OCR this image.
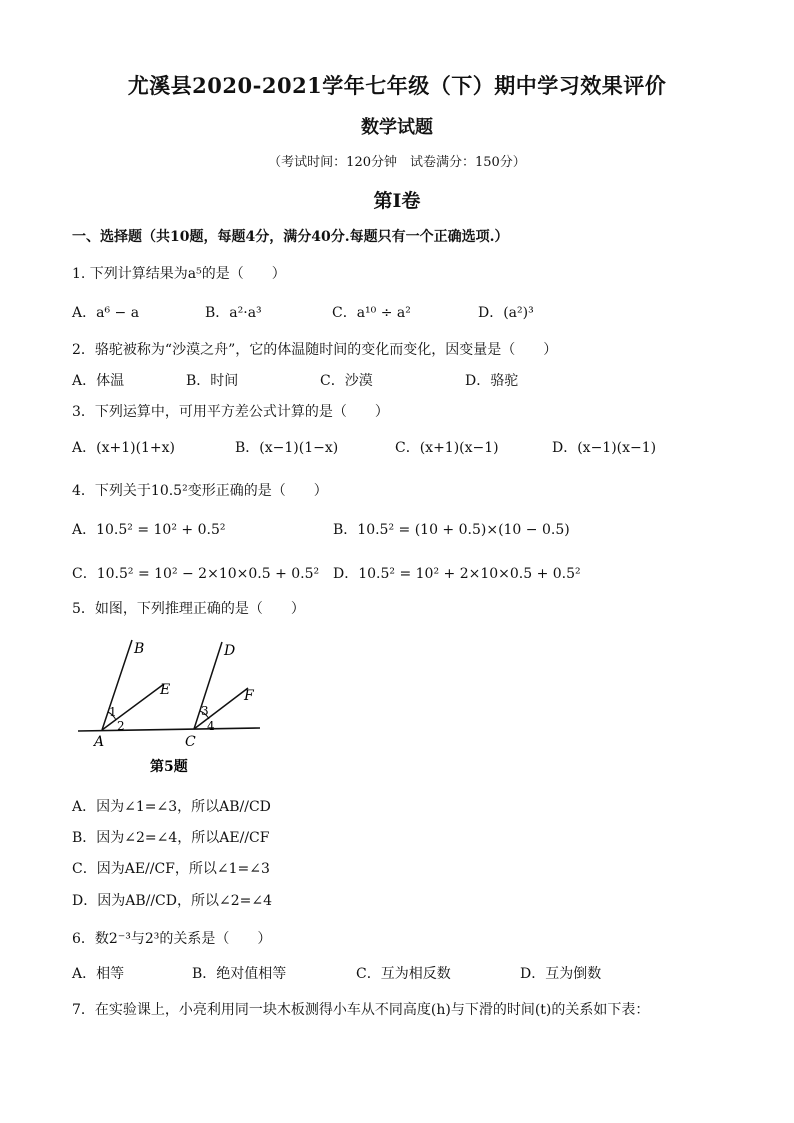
尤溪县2020-2021学年七年级（下）期中学习效果评价
数学试题
（考试时间：120分钟　试卷满分：150分）
第I卷
一、选择题（共10题，每题4分，满分40分.每题只有一个正确选项.）
1. 下列计算结果为a⁵的是（　　）
A．a⁶ − a	B．a²·a³	C．a¹⁰ ÷ a²	D．(a²)³
2．骆驼被称为“沙漠之舟”，它的体温随时间的变化而变化，因变量是（　　）
A．体温	B．时间	C．沙漠	D．骆驼
3．下列运算中，可用平方差公式计算的是（　　）
A．(x+1)(1+x)	B．(x−1)(1−x)	C．(x+1)(x−1)	D．(x−1)(x−1)
4．下列关于10.5²变形正确的是（　　）
A．10.5² = 10² + 0.5²	B．10.5² = (10 + 0.5)×(10 − 0.5)
C．10.5² = 10² − 2×10×0.5 + 0.5² D．10.5² = 10² + 2×10×0.5 + 0.5²
5．如图，下列推理正确的是（　　）
B
E
1
2
A
D
F
3
4
C
第5题
A．因为∠1=∠3，所以AB//CD
B．因为∠2=∠4，所以AE//CF
C．因为AE//CF，所以∠1=∠3
D．因为AB//CD，所以∠2=∠4
6．数2⁻³与2³的关系是（　　）
A．相等	B．绝对值相等	C．互为相反数	D．互为倒数
7．在实验课上，小亮利用同一块木板测得小车从不同高度(h)与下滑的时间(t)的关系如下表：
